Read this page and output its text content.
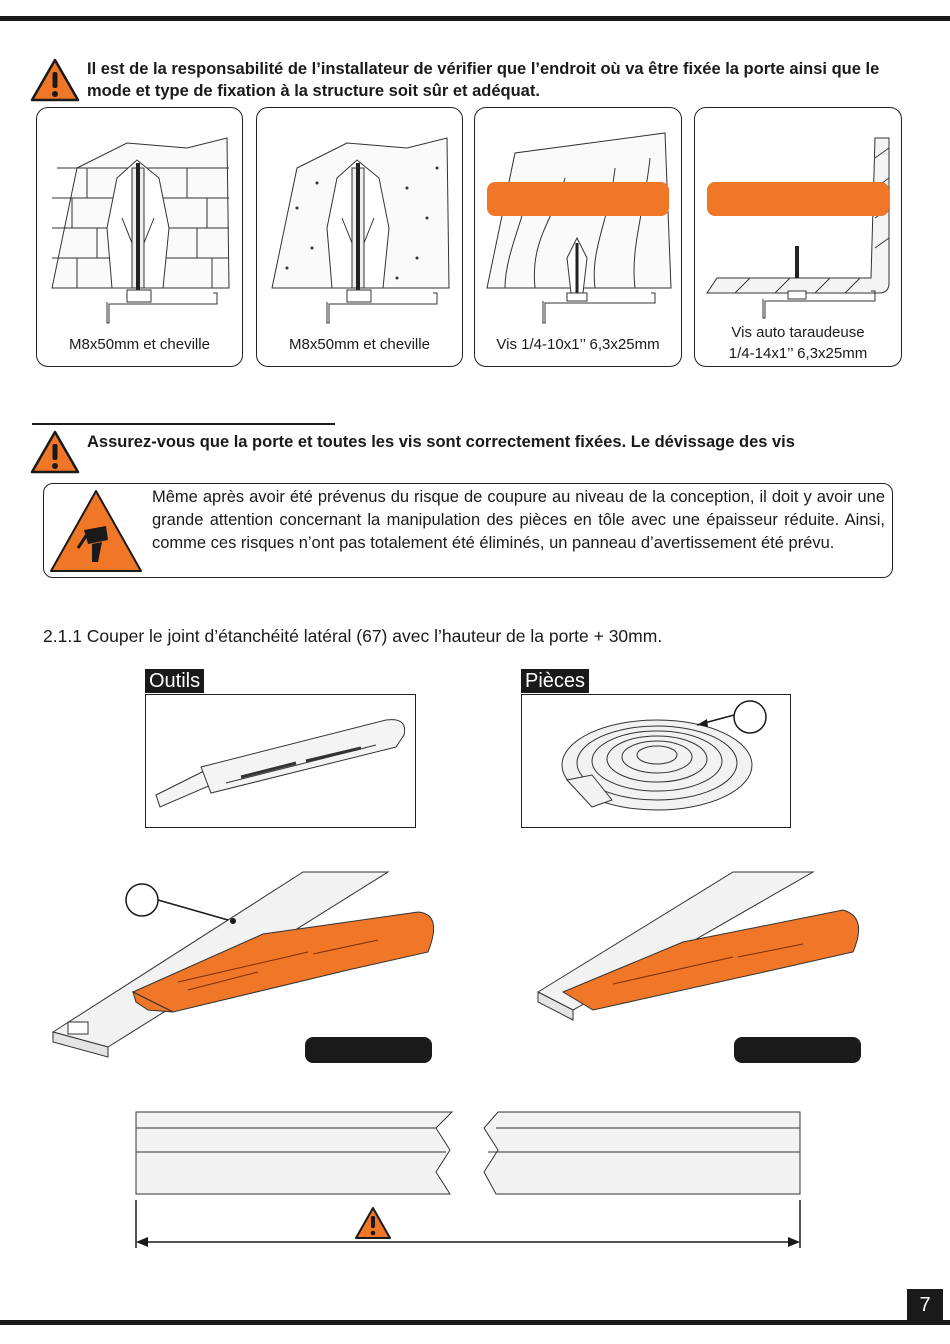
Il est de la responsabilité de l’installateur de vérifier que l’endroit où va être fixée la porte ainsi que le mode et type de fixation à la structure soit sûr et adéquat.
M8x50mm et cheville	M8x50mm et cheville	Vis 1/4-10x1’’ 6,3x25mm
Vis auto taraudeuse
1/4-14x1’’ 6,3x25mm
Assurez-vous que la porte et toutes les vis sont correctement fixées. Le dévissage des vis
Même après avoir été prévenus du risque de coupure au niveau de la conception, il doit y avoir une grande attention concernant la manipulation des pièces en tôle avec une épaisseur réduite. Ainsi, comme ces risques n’ont pas totalement été éliminés, un panneau d’avertissement été prévu.
2.1.1 Couper le joint d’étanchéité latéral (67) avec l’hauteur de la porte + 30mm.
Outils	Pièces
7
